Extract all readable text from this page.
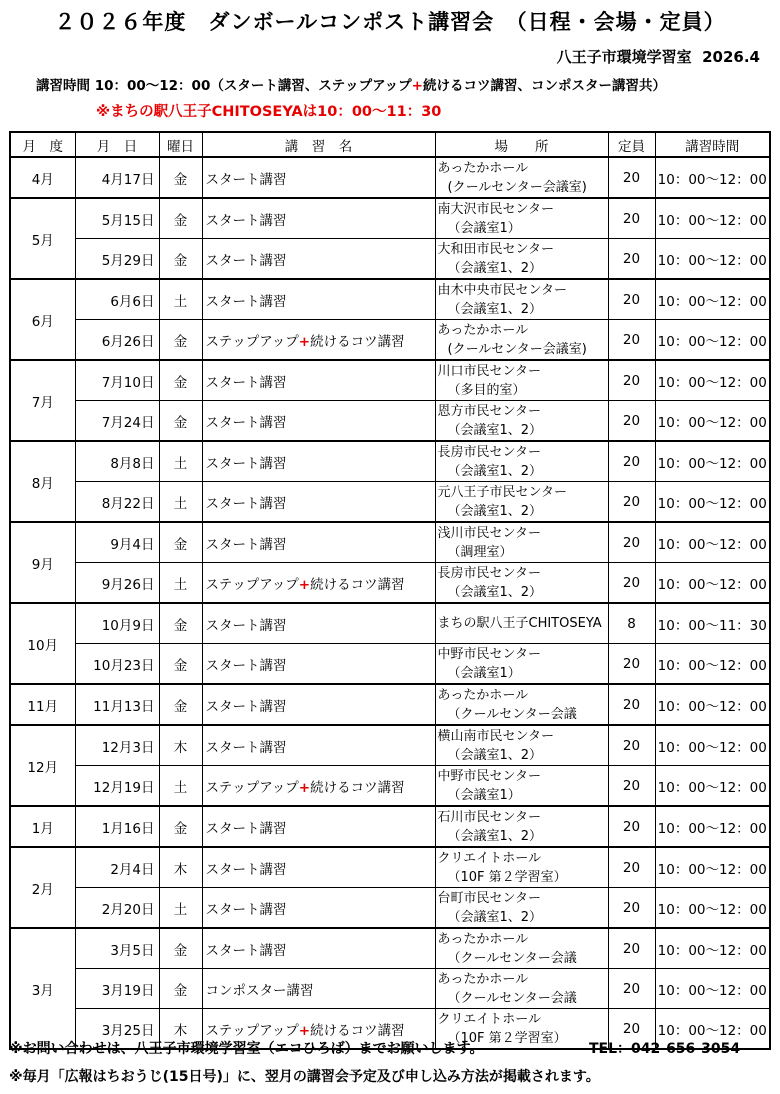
２０２６年度　ダンボールコンポスト講習会　（日程・会場・定員）
八王子市環境学習室  2026.4
講習時間 10：00～12：00（スタート講習、ステップアップ+続けるコツ講習、コンポスター講習共）
※まちの駅八王子CHITOSEYAは10：00～11：30
月　度	月　日	曜日	講　習　名	場　　所	定員	講習時間
4月	4月17日	金	スタート講習	あったかホール
(クールセンター会議室)	20	10：00～12：00
5月	5月15日	金	スタート講習	南大沢市民センター
（会議室1）	20	10：00～12：00
	5月29日	金	スタート講習	大和田市民センター
（会議室1、2）	20	10：00～12：00
6月	6月6日	土	スタート講習	由木中央市民センター
（会議室1、2）	20	10：00～12：00
	6月26日	金	ステップアップ+続けるコツ講習	あったかホール
(クールセンター会議室)	20	10：00～12：00
7月	7月10日	金	スタート講習	川口市民センター
（多目的室）	20	10：00～12：00
	7月24日	金	スタート講習	恩方市民センター
（会議室1、2）	20	10：00～12：00
8月	8月8日	土	スタート講習	長房市民センター
（会議室1、2）	20	10：00～12：00
	8月22日	土	スタート講習	元八王子市民センター
（会議室1、2）	20	10：00～12：00
9月	9月4日	金	スタート講習	浅川市民センター
（調理室）	20	10：00～12：00
	9月26日	土	ステップアップ+続けるコツ講習	長房市民センター
（会議室1、2）	20	10：00～12：00
10月	10月9日	金	スタート講習	まちの駅八王子CHITOSEYA	8	10：00～11：30
	10月23日	金	スタート講習	中野市民センター
（会議室1）	20	10：00～12：00
11月	11月13日	金	スタート講習	あったかホール
（クールセンター会議	20	10：00～12：00
12月	12月3日	木	スタート講習	横山南市民センター
（会議室1、2）	20	10：00～12：00
	12月19日	土	ステップアップ+続けるコツ講習	中野市民センター
（会議室1）	20	10：00～12：00
1月	1月16日	金	スタート講習	石川市民センター
（会議室1、2）	20	10：00～12：00
2月	2月4日	木	スタート講習	クリエイトホール
（10F 第２学習室）	20	10：00～12：00
	2月20日	土	スタート講習	台町市民センター
（会議室1、2）	20	10：00～12：00
3月	3月5日	金	スタート講習	あったかホール
（クールセンター会議	20	10：00～12：00
	3月19日	金	コンポスター講習	あったかホール
（クールセンター会議	20	10：00～12：00
	3月25日	木	ステップアップ+続けるコツ講習	クリエイトホール
（10F 第２学習室）	20	10：00～12：00
※お問い合わせは、八王子市環境学習室（エコひろば）までお願いします。	TEL：042-656-3054
※毎月「広報はちおうじ(15日号)」に、翌月の講習会予定及び申し込み方法が掲載されます。
